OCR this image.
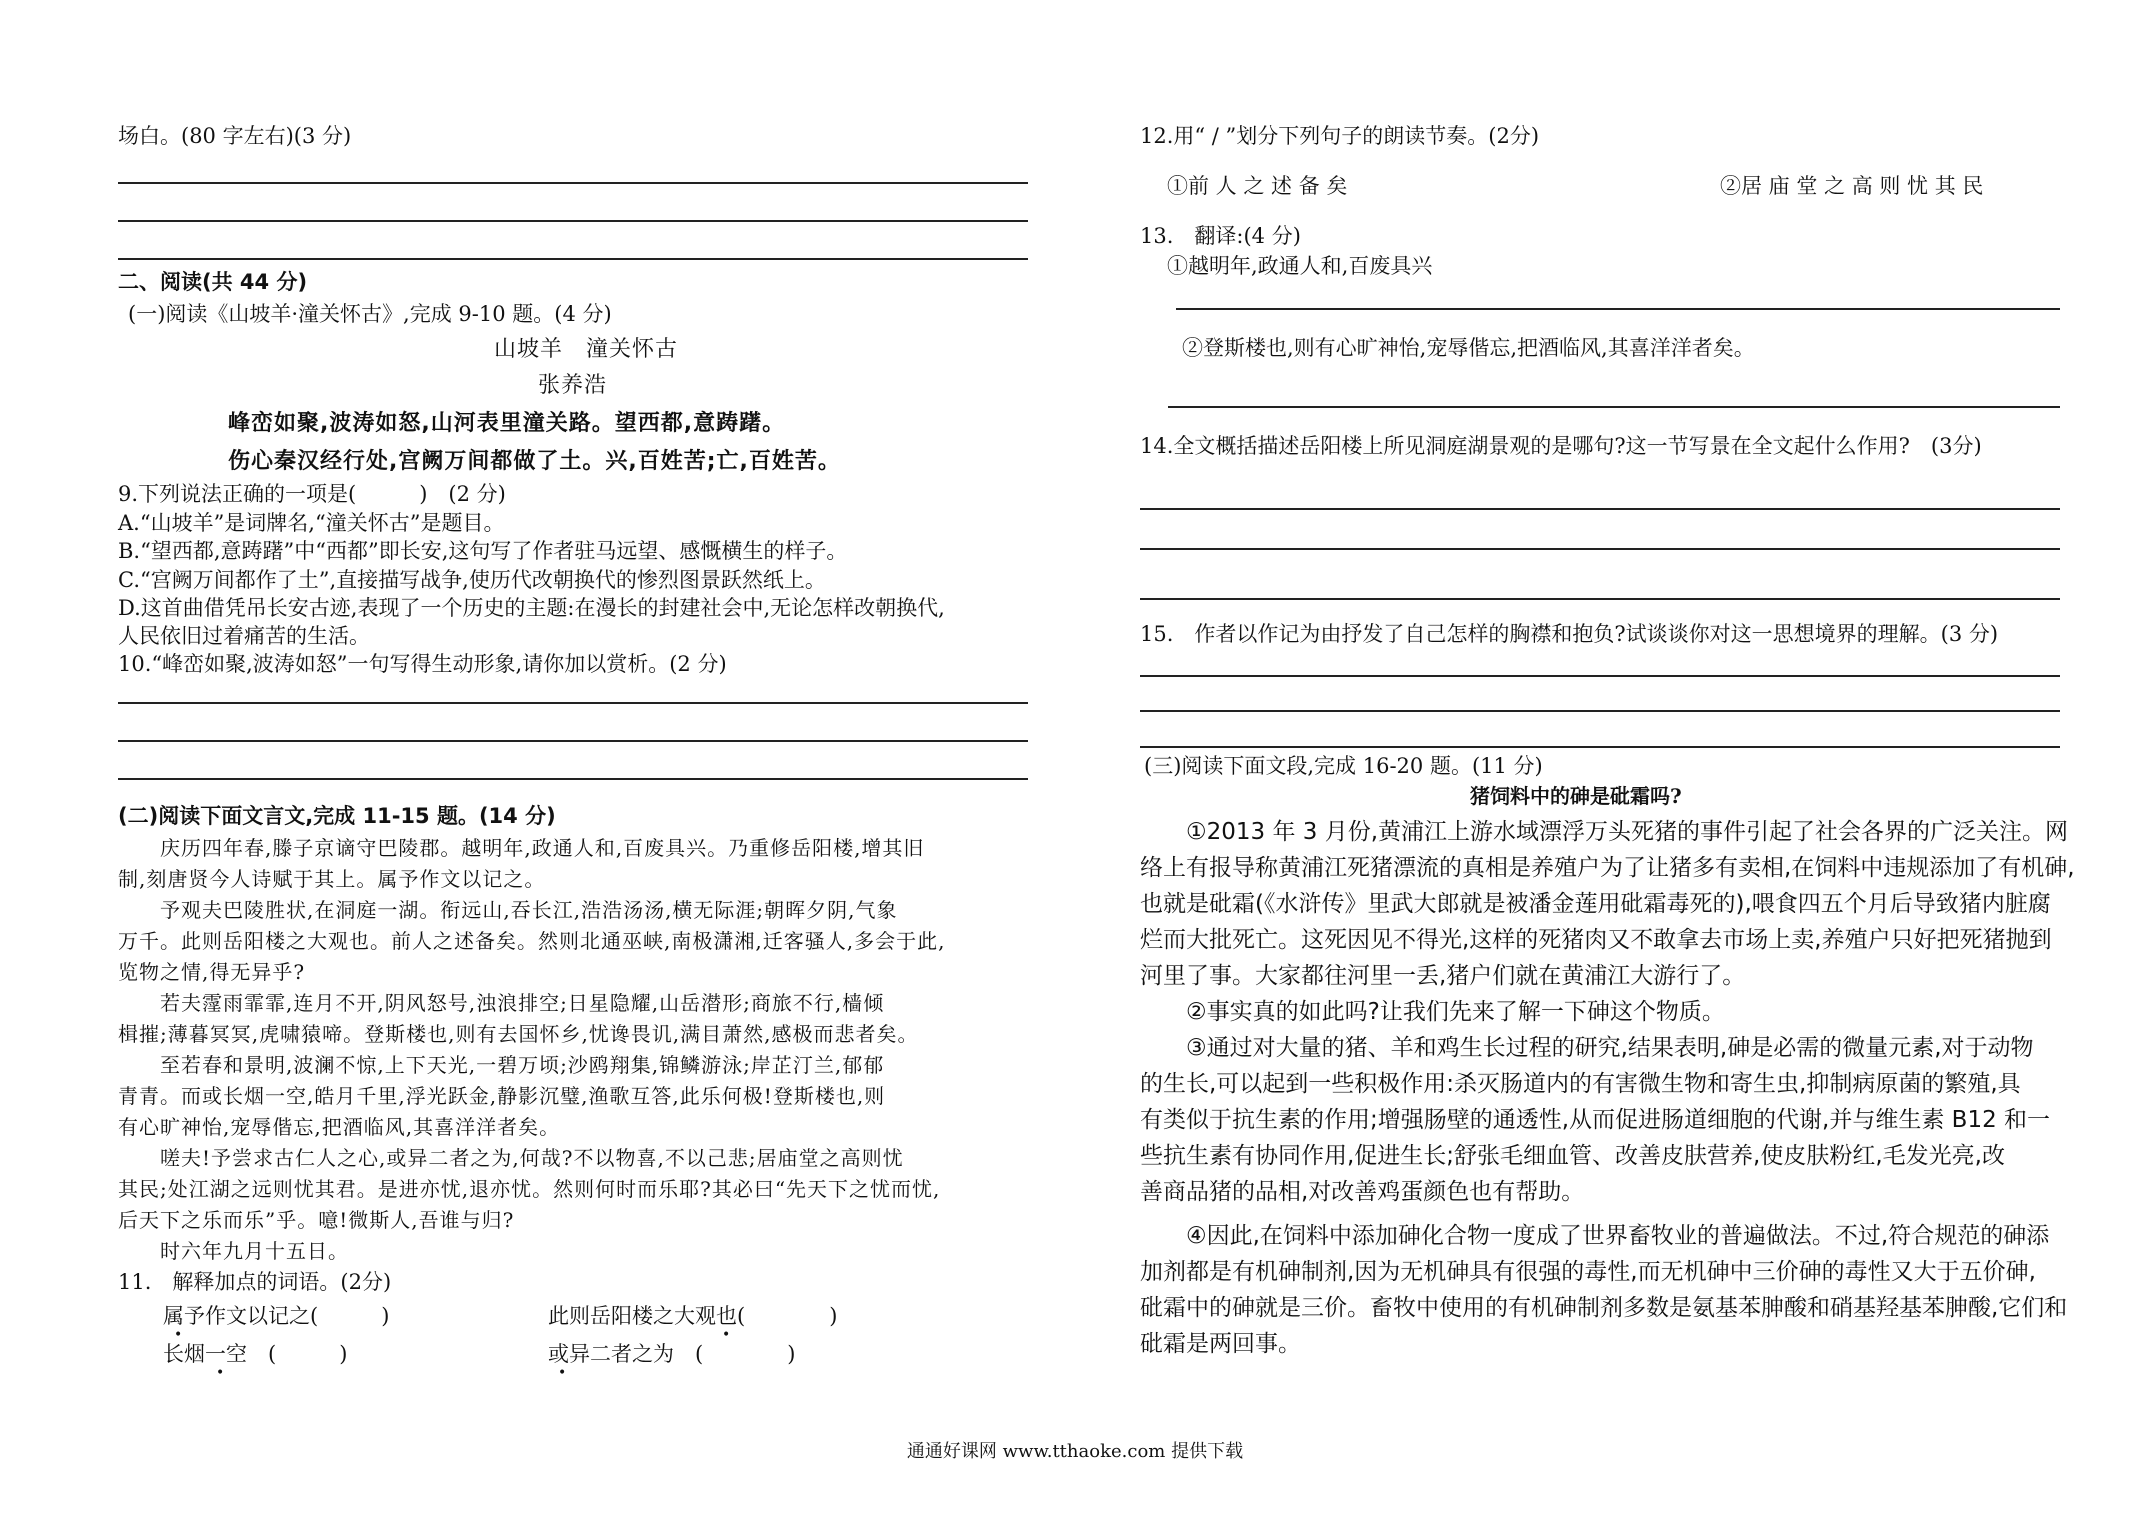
场白。(80 字左右)(3 分)
二、阅读(共 44 分)
(一)阅读《山坡羊·潼关怀古》,完成 9-10 题。(4 分)
山坡羊　潼关怀古
张养浩
峰峦如聚,波涛如怒,山河表里潼关路。望西都,意踌躇。
伤心秦汉经行处,宫阙万间都做了土。兴,百姓苦;亡,百姓苦。
9.下列说法正确的一项是(　　　)　(2 分)
A.“山坡羊”是词牌名,“潼关怀古”是题目。
B.“望西都,意踌躇”中“西都”即长安,这句写了作者驻马远望、感慨横生的样子。
C.“宫阙万间都作了土”,直接描写战争,使历代改朝换代的惨烈图景跃然纸上。
D.这首曲借凭吊长安古迹,表现了一个历史的主题:在漫长的封建社会中,无论怎样改朝换代,
人民依旧过着痛苦的生活。
10.“峰峦如聚,波涛如怒”一句写得生动形象,请你加以赏析。(2 分)
(二)阅读下面文言文,完成 11-15 题。(14 分)
　　庆历四年春,滕子京谪守巴陵郡。越明年,政通人和,百废具兴。乃重修岳阳楼,增其旧
制,刻唐贤今人诗赋于其上。属予作文以记之。
　　予观夫巴陵胜状,在洞庭一湖。衔远山,吞长江,浩浩汤汤,横无际涯;朝晖夕阴,气象
万千。此则岳阳楼之大观也。前人之述备矣。然则北通巫峡,南极潇湘,迁客骚人,多会于此,
览物之情,得无异乎?
　　若夫霪雨霏霏,连月不开,阴风怒号,浊浪排空;日星隐耀,山岳潜形;商旅不行,樯倾
楫摧;薄暮冥冥,虎啸猿啼。登斯楼也,则有去国怀乡,忧谗畏讥,满目萧然,感极而悲者矣。
　　至若春和景明,波澜不惊,上下天光,一碧万顷;沙鸥翔集,锦鳞游泳;岸芷汀兰,郁郁
青青。而或长烟一空,皓月千里,浮光跃金,静影沉璧,渔歌互答,此乐何极!登斯楼也,则
有心旷神怡,宠辱偕忘,把酒临风,其喜洋洋者矣。
　　嗟夫!予尝求古仁人之心,或异二者之为,何哉?不以物喜,不以己悲;居庙堂之高则忧
其民;处江湖之远则忧其君。是进亦忧,退亦忧。然则何时而乐耶?其必曰“先天下之忧而忧,
后天下之乐而乐”乎。噫!微斯人,吾谁与归?
　　时六年九月十五日。
11.　解释加点的词语。(2分)
属予作文以记之(　　　)	此则岳阳楼之大观也(　　　　)
长烟一空　(　　　)	或异二者之为　(　　　　)
•	•
•	•
12.用“ / ”划分下列句子的朗读节奏。(2分)
①前 人 之 述 备 矣	②居 庙 堂 之 高 则 忧 其 民
13.　翻译:(4 分)
①越明年,政通人和,百废具兴
②登斯楼也,则有心旷神怡,宠辱偕忘,把酒临风,其喜洋洋者矣。
14.全文概括描述岳阳楼上所见洞庭湖景观的是哪句?这一节写景在全文起什么作用?　(3分)
15.　作者以作记为由抒发了自己怎样的胸襟和抱负?试谈谈你对这一思想境界的理解。(3 分)
(三)阅读下面文段,完成 16-20 题。(11 分)
猪饲料中的砷是砒霜吗?
　　①2013 年 3 月份,黄浦江上游水域漂浮万头死猪的事件引起了社会各界的广泛关注。网
络上有报导称黄浦江死猪漂流的真相是养殖户为了让猪多有卖相,在饲料中违规添加了有机砷,
也就是砒霜(《水浒传》里武大郎就是被潘金莲用砒霜毒死的),喂食四五个月后导致猪内脏腐
烂而大批死亡。这死因见不得光,这样的死猪肉又不敢拿去市场上卖,养殖户只好把死猪抛到
河里了事。大家都往河里一丢,猪户们就在黄浦江大游行了。
　　②事实真的如此吗?让我们先来了解一下砷这个物质。
　　③通过对大量的猪、羊和鸡生长过程的研究,结果表明,砷是必需的微量元素,对于动物
的生长,可以起到一些积极作用:杀灭肠道内的有害微生物和寄生虫,抑制病原菌的繁殖,具
有类似于抗生素的作用;增强肠壁的通透性,从而促进肠道细胞的代谢,并与维生素 B12 和一
些抗生素有协同作用,促进生长;舒张毛细血管、改善皮肤营养,使皮肤粉红,毛发光亮,改
善商品猪的品相,对改善鸡蛋颜色也有帮助。
　　④因此,在饲料中添加砷化合物一度成了世界畜牧业的普遍做法。不过,符合规范的砷添
加剂都是有机砷制剂,因为无机砷具有很强的毒性,而无机砷中三价砷的毒性又大于五价砷,
砒霜中的砷就是三价。畜牧中使用的有机砷制剂多数是氨基苯胂酸和硝基羟基苯胂酸,它们和
砒霜是两回事。
通通好课网 www.tthaoke.com 提供下载
